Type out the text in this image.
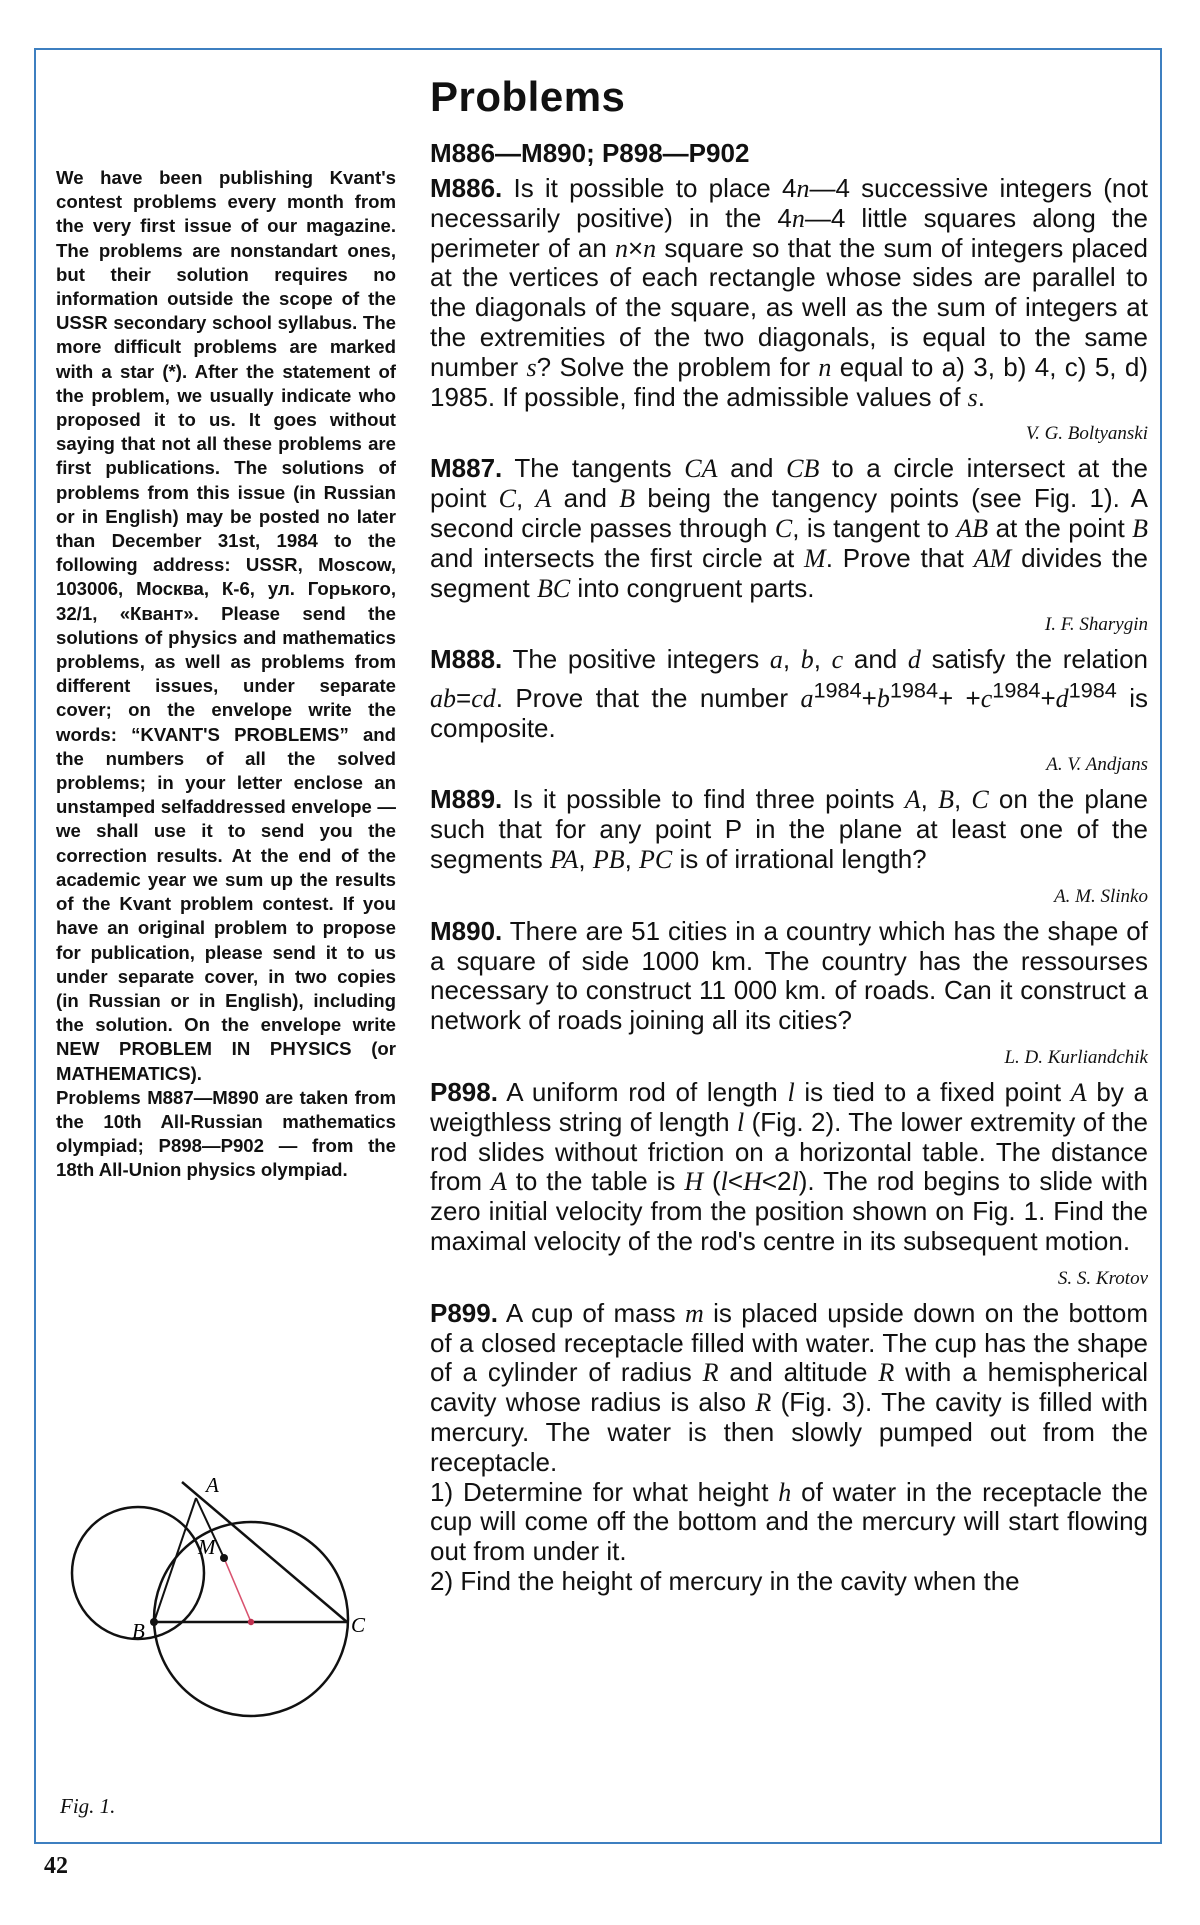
We have been publishing Kvant's contest problems every month from the very first issue of our magazine. The problems are nonstandart ones, but their solution requires no information outside the scope of the USSR secondary school syllabus. The more difficult problems are marked with a star (*). After the statement of the problem, we usually indicate who proposed it to us. It goes without saying that not all these problems are first publications. The solutions of problems from this issue (in Russian or in English) may be posted no later than December 31st, 1984 to the following address: USSR, Moscow, 103006, Москва, К-6, ул. Горького, 32/1, «Квант». Please send the solutions of physics and mathematics problems, as well as problems from different issues, under separate cover; on the envelope write the words: “KVANT'S PROBLEMS” and the numbers of all the solved problems; in your letter enclose an unstamped selfaddressed envelope — we shall use it to send you the correction results. At the end of the academic year we sum up the results of the Kvant problem contest. If you have an original problem to propose for publication, please send it to us under separate cover, in two copies (in Russian or in English), including the solution. On the envelope write NEW PROBLEM IN PHYSICS (or MATHEMATICS).

Problems M887—M890 are taken from the 10th All-Russian mathematics olympiad; P898—P902 — from the 18th All-Union physics olympiad.

A
M
B	C
Fig. 1.
42
Problems
M886—M890; P898—P902

M886. Is it possible to place 4n—4 successive integers (not necessarily positive) in the 4n—4 little squares along the perimeter of an n×n square so that the sum of integers placed at the vertices of each rectangle whose sides are parallel to the diagonals of the square, as well as the sum of integers at the extremities of the two diagonals, is equal to the same number s? Solve the problem for n equal to a) 3, b) 4, c) 5, d) 1985. If possible, find the admissible values of s.

V. G. Boltyanski

M887. The tangents CA and CB to a circle intersect at the point C, A and B being the tangency points (see Fig. 1). A second circle passes through C, is tangent to AB at the point B and intersects the first circle at M. Prove that AM divides the segment BC into congruent parts.

I. F. Sharygin

M888. The positive integers a, b, c and d satisfy the relation ab=cd. Prove that the number $a^{1984}+b^{1984}+ +c^{1984}+d^{1984}$ is composite.

A. V. Andjans

M889. Is it possible to find three points A, B, C on the plane such that for any point P in the plane at least one of the segments PA, PB, PC is of irrational length?

A. M. Slinko

M890. There are 51 cities in a country which has the shape of a square of side 1000 km. The country has the ressourses necessary to construct 11 000 km. of roads. Can it construct a network of roads joining all its cities?

L. D. Kurliandchik

P898. A uniform rod of length l is tied to a fixed point A by a weigthless string of length l (Fig. 2). The lower extremity of the rod slides without friction on a horizontal table. The distance from A to the table is H (l<H<2l). The rod begins to slide with zero initial velocity from the position shown on Fig. 1. Find the maximal velocity of the rod's centre in its subsequent motion.

S. S. Krotov

P899. A cup of mass m is placed upside down on the bottom of a closed receptacle filled with water. The cup has the shape of a cylinder of radius R and altitude R with a hemispherical cavity whose radius is also R (Fig. 3). The cavity is filled with mercury. The water is then slowly pumped out from the receptacle.

1) Determine for what height h of water in the receptacle the cup will come off the bottom and the mercury will start flowing out from under it.

2) Find the height of mercury in the cavity when the
